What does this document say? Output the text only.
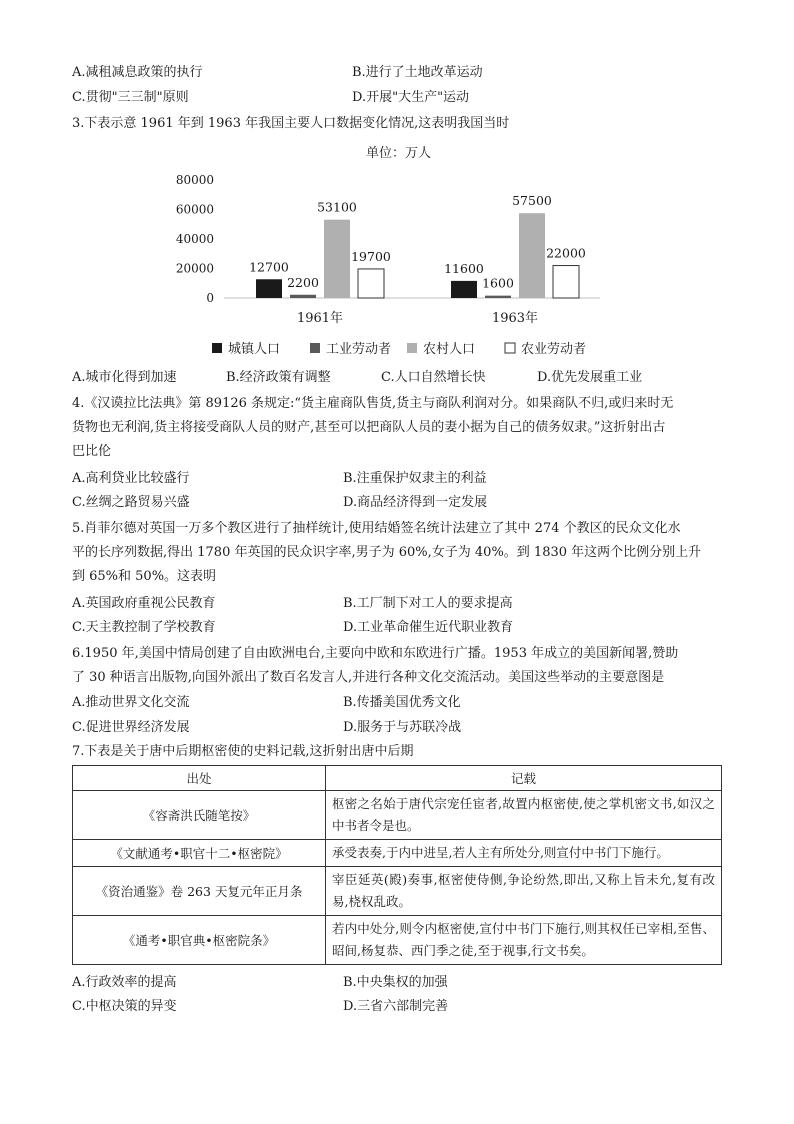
A.减租减息政策的执行	B.进行了土地改革运动
C.贯彻"三三制"原则	D.开展"大生产"运动
3.下表示意 1961 年到 1963 年我国主要人口数据变化情况,这表明我国当时
单位：万人
80000
60000
40000
20000
0
12700
2200
53100
19700
1961年
11600
1600
57500
22000
1963年
城镇人口	工业劳动者 农村人口	农业劳动者
A.城市化得到加速	B.经济政策有调整	C.人口自然增长快	D.优先发展重工业
4.《汉谟拉比法典》第 89126 条规定:“货主雇商队售货,货主与商队利润对分。如果商队不归,或归来时无
货物也无利润,货主将接受商队人员的财产,甚至可以把商队人员的妻小据为自己的债务奴隶。”这折射出古
巴比伦
A.高利贷业比较盛行	B.注重保护奴隶主的利益
C.丝绸之路贸易兴盛	D.商品经济得到一定发展
5.肖菲尔德对英国一万多个教区进行了抽样统计,使用结婚签名统计法建立了其中 274 个教区的民众文化水
平的长序列数据,得出 1780 年英国的民众识字率,男子为 60%,女子为 40%。到 1830 年这两个比例分别上升
到 65%和 50%。这表明
A.英国政府重视公民教育	B.工厂制下对工人的要求提高
C.天主教控制了学校教育	D.工业革命催生近代职业教育
6.1950 年,美国中情局创建了自由欧洲电台,主要向中欧和东欧进行广播。1953 年成立的美国新闻署,赞助
了 30 种语言出版物,向国外派出了数百名发言人,并进行各种文化交流活动。美国这些举动的主要意图是
A.推动世界文化交流	B.传播美国优秀文化
C.促进世界经济发展	D.服务于与苏联冷战
7.下表是关于唐中后期枢密使的史料记载,这折射出唐中后期
出处	记载
《容斋洪氏随笔按》	枢密之名始于唐代宗宠任宦者,故置内枢密使,使之掌机密文书,如汉之中书者令是也。
《文献通考•职官十二•枢密院》	承受表奏,于内中进呈,若人主有所处分,则宣付中书门下施行。
《资治通鉴》卷 263 天复元年正月条	宰臣延英(殿)奏事,枢密使侍侧,争论纷然,即出,又称上旨未允,复有改易,桡权乱政。
《通考•职官典•枢密院条》	若内中处分,则令内枢密使,宣付中书门下施行,则其权任已宰相,至售、昭间,杨复恭、西门季之徒,至于视事,行文书矣。
A.行政效率的提高	B.中央集权的加强
C.中枢决策的异变	D.三省六部制完善
